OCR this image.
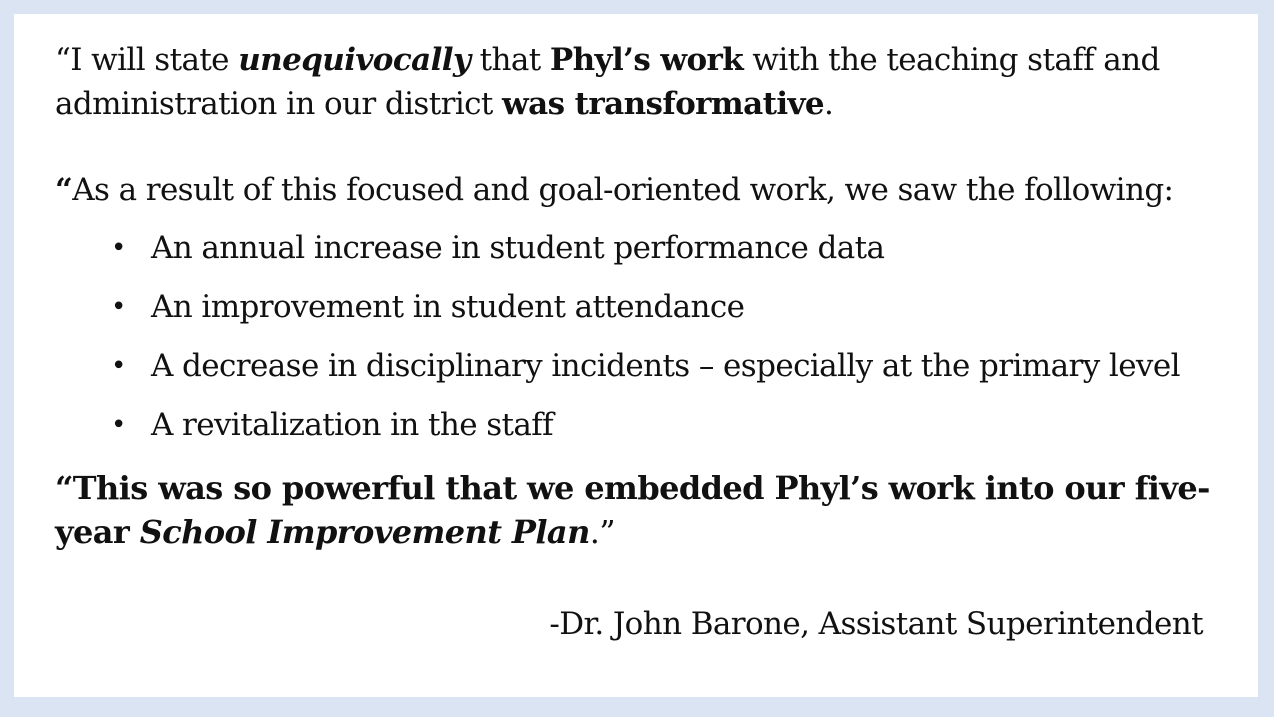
“I will state unequivocally that Phyl’s work with the teaching staff and administration in our district was transformative.

“As a result of this focused and goal-oriented work, we saw the following:

• An annual increase in student performance data
• An improvement in student attendance
• A decrease in disciplinary incidents – especially at the primary level
• A revitalization in the staff

“This was so powerful that we embedded Phyl’s work into our five-year School Improvement Plan.”

-Dr. John Barone, Assistant Superintendent
